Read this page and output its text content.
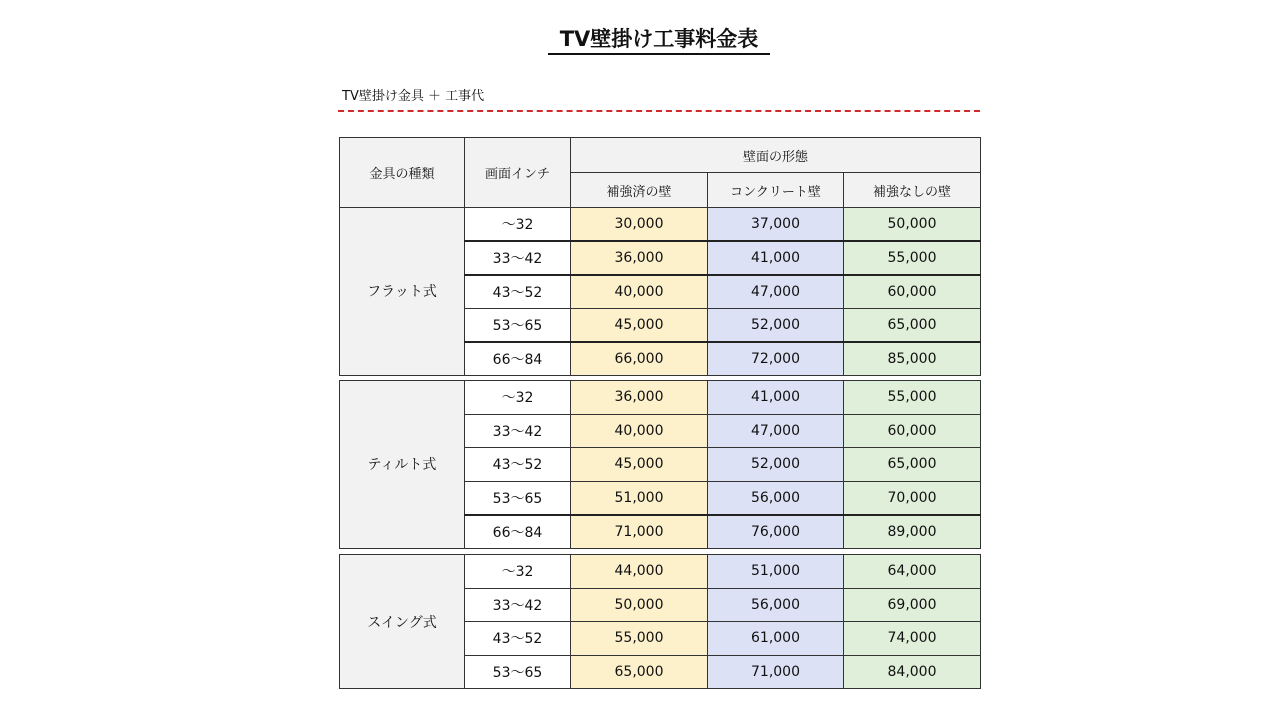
TV壁掛け工事料金表
TV壁掛け金具 ＋ 工事代
金具の種類	画面インチ	壁面の形態		
		補強済の壁	コンクリート壁	補強なしの壁
フラット式	～32	30,000	37,000	50,000
	33～42	36,000	41,000	55,000
	43～52	40,000	47,000	60,000
	53～65	45,000	52,000	65,000
	66～84	66,000	72,000	85,000
ティルト式	～32	36,000	41,000	55,000
	33～42	40,000	47,000	60,000
	43～52	45,000	52,000	65,000
	53～65	51,000	56,000	70,000
	66～84	71,000	76,000	89,000
スイング式	～32	44,000	51,000	64,000
	33～42	50,000	56,000	69,000
	43～52	55,000	61,000	74,000
	53～65	65,000	71,000	84,000
